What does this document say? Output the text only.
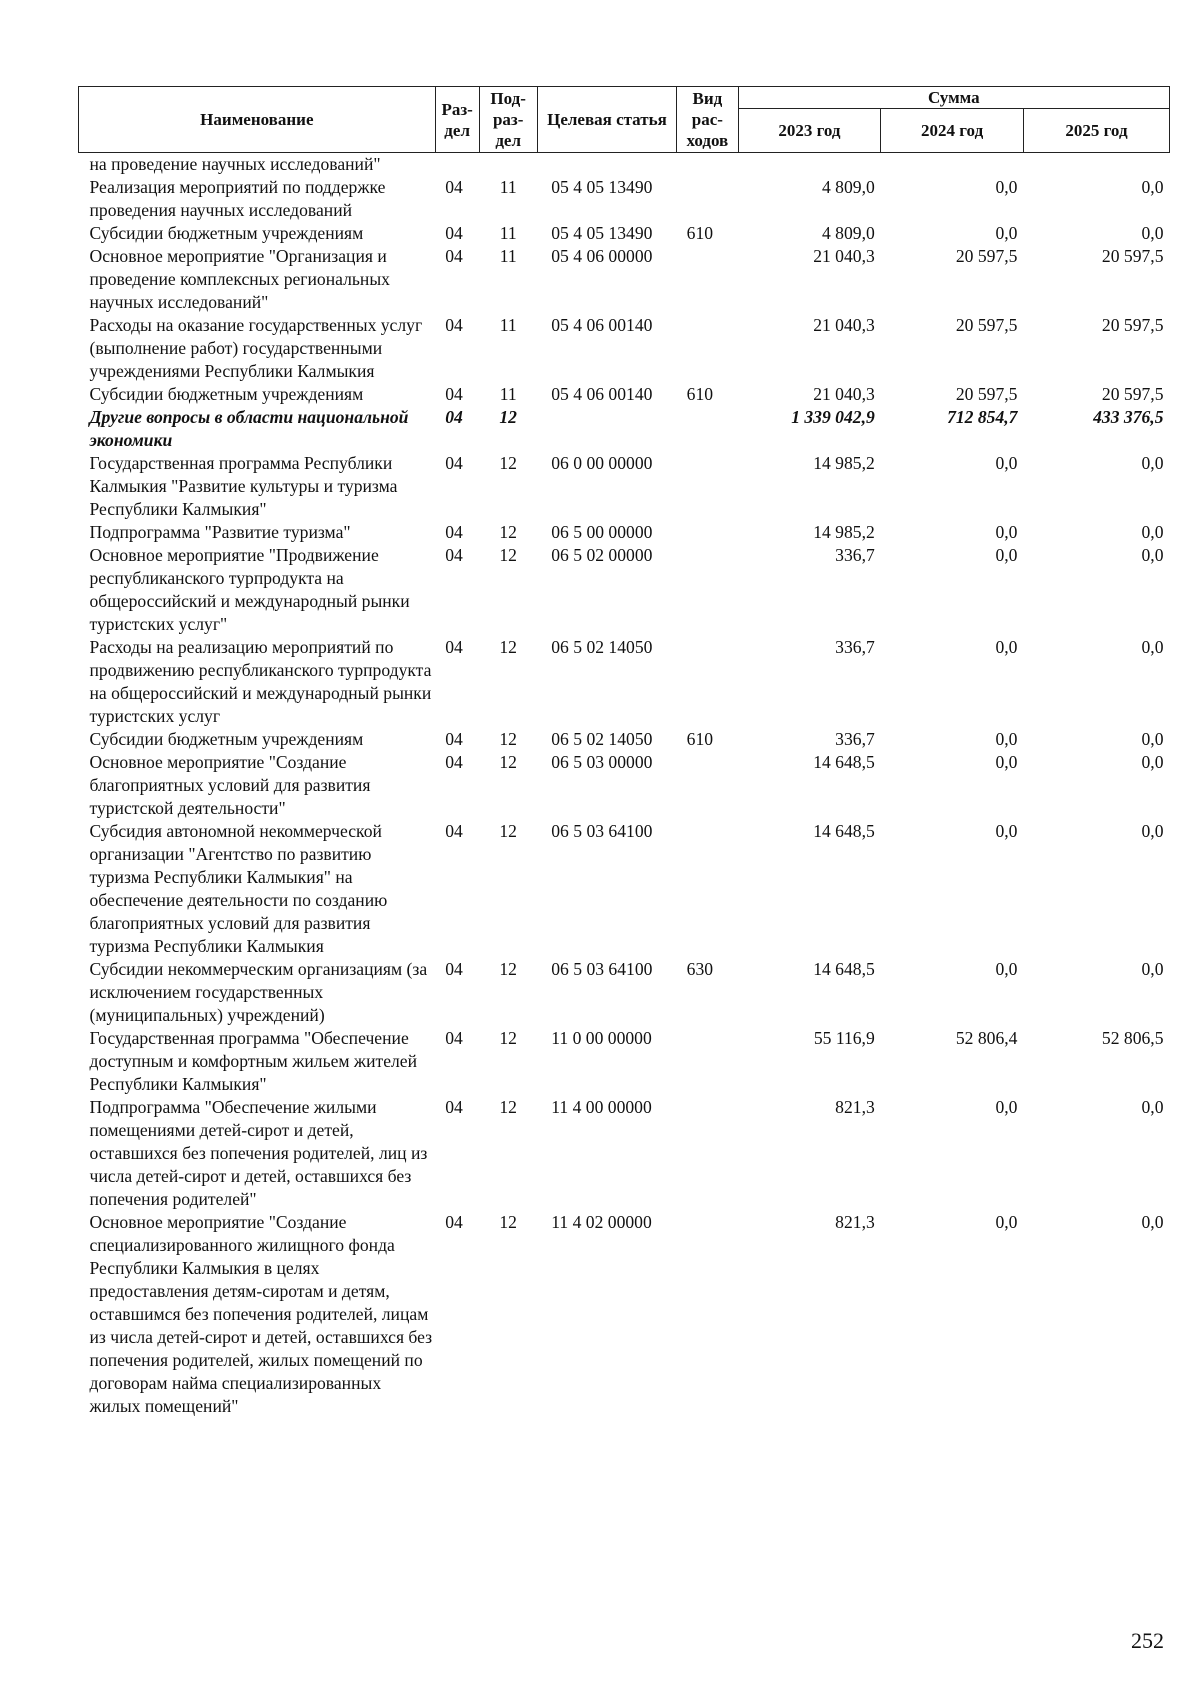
Наименование	Раз-дел	Под-раз-дел	Целевая статья	Вид рас-ходов	Сумма		
					2023 год	2024 год	2025 год
на проведение научных исследований"							
Реализация мероприятий по поддержке проведения научных исследований	04	11	05 4 05 13490		4 809,0	0,0	0,0
Субсидии бюджетным учреждениям	04	11	05 4 05 13490	610	4 809,0	0,0	0,0
Основное мероприятие "Организация и проведение комплексных региональных научных исследований"	04	11	05 4 06 00000		21 040,3	20 597,5	20 597,5
Расходы на оказание государственных услуг (выполнение работ) государственными учреждениями Республики Калмыкия	04	11	05 4 06 00140		21 040,3	20 597,5	20 597,5
Субсидии бюджетным учреждениям	04	11	05 4 06 00140	610	21 040,3	20 597,5	20 597,5
Другие вопросы в области национальной экономики	04	12			1 339 042,9	712 854,7	433 376,5
Государственная программа Республики Калмыкия "Развитие культуры и туризма Республики Калмыкия"	04	12	06 0 00 00000		14 985,2	0,0	0,0
Подпрограмма "Развитие туризма"	04	12	06 5 00 00000		14 985,2	0,0	0,0
Основное мероприятие "Продвижение республиканского турпродукта на общероссийский и международный рынки туристских услуг"	04	12	06 5 02 00000		336,7	0,0	0,0
Расходы на реализацию мероприятий по продвижению республиканского турпродукта на общероссийский и международный рынки туристских услуг	04	12	06 5 02 14050		336,7	0,0	0,0
Субсидии бюджетным учреждениям	04	12	06 5 02 14050	610	336,7	0,0	0,0
Основное мероприятие "Создание благоприятных условий для развития туристской деятельности"	04	12	06 5 03 00000		14 648,5	0,0	0,0
Субсидия автономной некоммерческой организации "Агентство по развитию туризма Республики Калмыкия" на обеспечение деятельности по созданию благоприятных условий для развития туризма Республики Калмыкия	04	12	06 5 03 64100		14 648,5	0,0	0,0
Субсидии некоммерческим организациям (за исключением государственных (муниципальных) учреждений)	04	12	06 5 03 64100	630	14 648,5	0,0	0,0
Государственная программа "Обеспечение доступным и комфортным жильем жителей Республики Калмыкия"	04	12	11 0 00 00000		55 116,9	52 806,4	52 806,5
Подпрограмма "Обеспечение жилыми помещениями детей-сирот и детей, оставшихся без попечения родителей, лиц из числа детей-сирот и детей, оставшихся без попечения родителей"	04	12	11 4 00 00000		821,3	0,0	0,0
Основное мероприятие "Создание специализированного жилищного фонда Республики Калмыкия в целях предоставления детям-сиротам и детям, оставшимся без попечения родителей, лицам из числа детей-сирот и детей, оставшихся без попечения родителей, жилых помещений по договорам найма специализированных жилых помещений"	04	12	11 4 02 00000		821,3	0,0	0,0
252
